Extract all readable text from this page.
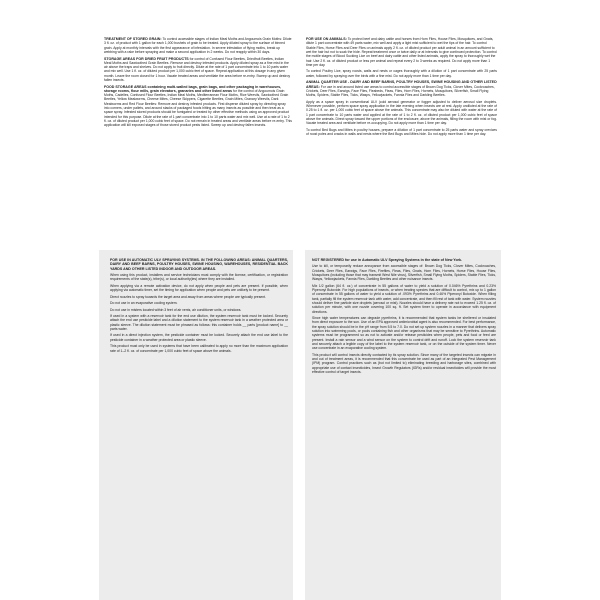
TREATMENT OF STORED GRAIN: To control accessible stages of Indian Meal Moths and Angoumois Grain Moths: Dilute 3 fl. oz. of product with 1 gallon for each 1,000 bushels of grain to be treated. Apply diluted spray to the surface of binned grain. Apply at monthly intervals with the first appearance of infestation. In severe infestation of flying moths, break up webbing with a rake before spraying and make a second application in 2 weeks. Do not reapply within 30 days.

STORAGE AREAS FOR DRIED FRUIT PRODUCTS for control of Confused Flour Beetles, Driedfruit Beetles, Indian Meal Moths and Sawtoothed Grain Beetles. Remove and destroy infested products. Apply diluted spray as a fine mist in the air above the traps and shelves. Do not apply to fruit directly. Dilute at the rate of 1 part concentrate into 1 to 10 parts water and mix well. Use 1 fl. oz. of diluted product per 1,000 cubic feet of space. Repeat application at this dosage in any given month. Leave the room closed for 1 hour. Vacate treated areas and ventilate the area before re-entry. Sweep up and destroy fallen insects.

FOOD STORAGE AREAS containing multi-walled bags, grain bags, and other packaging in warehouses, storage rooms, flour mills, grain elevators, granaries and other listed areas for the control of Angoumois Grain Moths, Cadelles, Confused Flour Beetles, Indian Meal Moths, Mediterranean Flour Moths, Rice Weevils, Sawtoothed Grain Beetles, Yellow Mealworms, Cheese Mites, Cheese Skippers, Cigarette Beetles, Grain Mites, Granary Weevils, Dark Mealworms and Red Flour Beetles: Remove and destroy infested products. First disperse diluted spray by directing spray into corners, under pallets, and around stacks of packaged foods hitting as many insects as possible and then treat as a space spray. Infested stored products should be fumigated or treated by other effective methods using an approved product intended for this purpose. Dilute at the rate of 1 part concentrate into 1 to 10 parts water and mix well. Use at a rate of 1 to 2 fl. oz. of diluted product per 1,000 cubic feet of space. Do not remain in treated areas and ventilate areas before re-entry. This application will kill exposed stages of those stored product pests listed. Sweep up and destroy fallen insects.

FOR USE ON ANIMALS: To protect beef and dairy cattle and horses from Horn Flies, House Flies, Mosquitoes, and Gnats, dilute 1 part concentrate with 49 parts water, mix well and apply a light mist sufficient to wet the tips of the hair. To control Stable Flies, Horse Flies and Deer Flies on animals apply 2 fl. oz. of diluted product per adult animal in an amount sufficient to wet the hair but not to soak the hide. Repeat treatment once or twice daily or at intervals to give continued protection. To control the motile stages of Blood Sucking Lice on beef and dairy cattle and other listed animals, apply the spray to thoroughly wet the hair. Use 2 fl. oz. of diluted product or less per animal and repeat every 2 to 3 weeks as required. Do not apply more than 1 time per day.

To control Poultry Lice, spray roosts, walls and nests or cages thoroughly with a dilution of 1 part concentrate with 25 parts water, followed by spraying over the birds with a fine mist. Do not apply more than 1 time per day.

ANIMAL QUARTER USE - DAIRY AND BEEF BARNS, POULTRY HOUSES, SWINE HOUSING AND OTHER LISTED AREAS: For use in and around listed use areas to control accessible stages of Brown Dog Ticks, Clover Mites, Cockroaches, Crickets, Deer Flies, Earwigs, Face Flies, Fleabeds, Fleas, Flies, Horn Flies, Hornets, Mosquitoes, Silverfish, Small Flying Moths, Spiders, Stable Flies, Ticks, Wasps, Yellowjackets, Fannia Flies and Darkling Beetles.

Apply as a space spray in conventional ULV (cold aerosol generator or fogger adjusted to deliver aerosol size droplets. Whenever possible, perform space spray application in the late evening when insects are at rest. Apply undiluted at the rate of 0.25 to 1 fl. oz. per 1,000 cubic feet of space above the animals. This concentrate may also be diluted with water at the rate of 1 part concentrate to 10 parts water and applied at the rate of 1 to 2 fl. oz. of diluted product per 1,000 cubic feet of space above the animals. Direct spray toward the upper portions of the enclosure, above the animals, filling the room with mist or fog. Vacate treated area and ventilate before re-occupying. Do not apply more than 1 time per day.

To control Bed Bugs and Mites in poultry houses, prepare a dilution of 1 part concentrate to 25 parts water and spray crevices of roost poles and cracks in walls and nests where the Bed Bugs and Mites hide. Do not apply more than 1 time per day.

FOR USE IN AUTOMATIC ULV SPRAYING SYSTEMS. IN THE FOLLOWING AREAS: ANIMAL QUARTERS, DAIRY AND BEEF BARNS, POULTRY HOUSES, SWINE HOUSING, WAREHOUSES, RESIDENTIAL BACK YARDS AND OTHER LISTED INDOOR AND OUTDOOR AREAS.

When using this product, installers and service technicians must comply with the license, certification, or registration requirements of the state(s), tribe(s), or local authority(ies) where they are installed.

When applying via a remote activation device, do not apply when people and pets are present. If possible, when applying via automatic timer, set the timing for application when people and pets are unlikely to be present.

Direct nozzles to spray towards the target area and away from areas where people are typically present.

Do not use in an evaporative cooling system.

Do not use in misters located within 3 feet of air vents, air conditioner units, or windows.

If used in a system with a reservoir tank for the end use dilution, the system reservoir tank must be locked. Securely attach the end use pesticide label and a dilution statement to the system reservoir tank in a weather protected area or plastic sleeve. The dilution statement must be phrased as follows: this container holds __ parts [product name] to __ parts water.

If used in a direct injection system, the pesticide container must be locked. Securely attach the end use label to the pesticide container in a weather protected area or plastic sleeve.

This product must only be used in systems that have been calibrated to apply no more than the maximum application rate of 1–2 fl. oz. of concentrate per 1,000 cubic feet of space above the animals.

NOT REGISTERED for use in Automatic ULV Spraying Systems in the state of New York.

Use to kill, or temporarily reduce annoyance from accessible stages of: Brown Dog Ticks, Clover Mites, Cockroaches, Crickets, Deer Flies, Earwigs, Face Flies, Fireflies, Fleas, Flies, Gnats, Horn Flies, Hornets, Horse Flies, House Flies, Mosquitoes (including those that may transmit West Nile virus), Silverfish, Small Flying Moths, Spiders, Stable Flies, Ticks, Wasps, Yellowjackets, Fannia Flies, Darkling Beetles and other nuisance insects.

Mix 1/2 gallon (64 fl. oz.) of concentrate in 55 gallons of water to yield a solution of 0.046% Pyrethrins and 0.23% Piperonyl Butoxide. For high populations of insects, or when treating species that are difficult to control, mix up to 1 gallon of concentrate in 55 gallons of water to yield a solution of .093% Pyrethrins and 0.46% Piperonyl Butoxide. When filling tank, partially fill the system reservoir tank with water, add concentrate, and then fill rest of tank with water. System nozzles should deliver fine particle size droplets (aerosol or mist). Nozzles should have a delivery rate not to exceed 1.25 fl. oz. of solution per minute, with one nozzle covering 100 sq. ft. Set system timer to operate in accordance with equipment directions.

Since high water temperatures can degrade pyrethrins, it is recommended that system tanks be sheltered or insulated from direct exposure to the sun. Use of an EPA approved antimicrobial agent is also recommended. For best performance, the spray solution should be in the pH range from 5.5 to 7.0. Do not set up system nozzles in a manner that delivers spray solution into swimming pools, or pools containing fish and other organisms that may be sensitive to Pyrethrins. Automatic systems must be programmed so as not to activate and/or release pesticides when people, pets and food or feed are present. Install a rain sensor and a wind sensor on the system to control drift and runoff. Lock the system reservoir tank and securely attach a legible copy of the label to the system reservoir tank, or on the outside of the system timer. Never use concentrate in an evaporative cooling system.

This product will control insects directly contacted by its spray solution. Since many of the targeted insects can migrate in and out of treatment areas, it is recommended that this concentrate be used as part of an Integrated Pest Management (IPM) program. Control practices such as (but not limited to) eliminating breeding and harborage sites, combined with appropriate use of contact insecticides, Insect Growth Regulators (IGRs) and/or residual insecticides will provide the most effective control of target insects.
